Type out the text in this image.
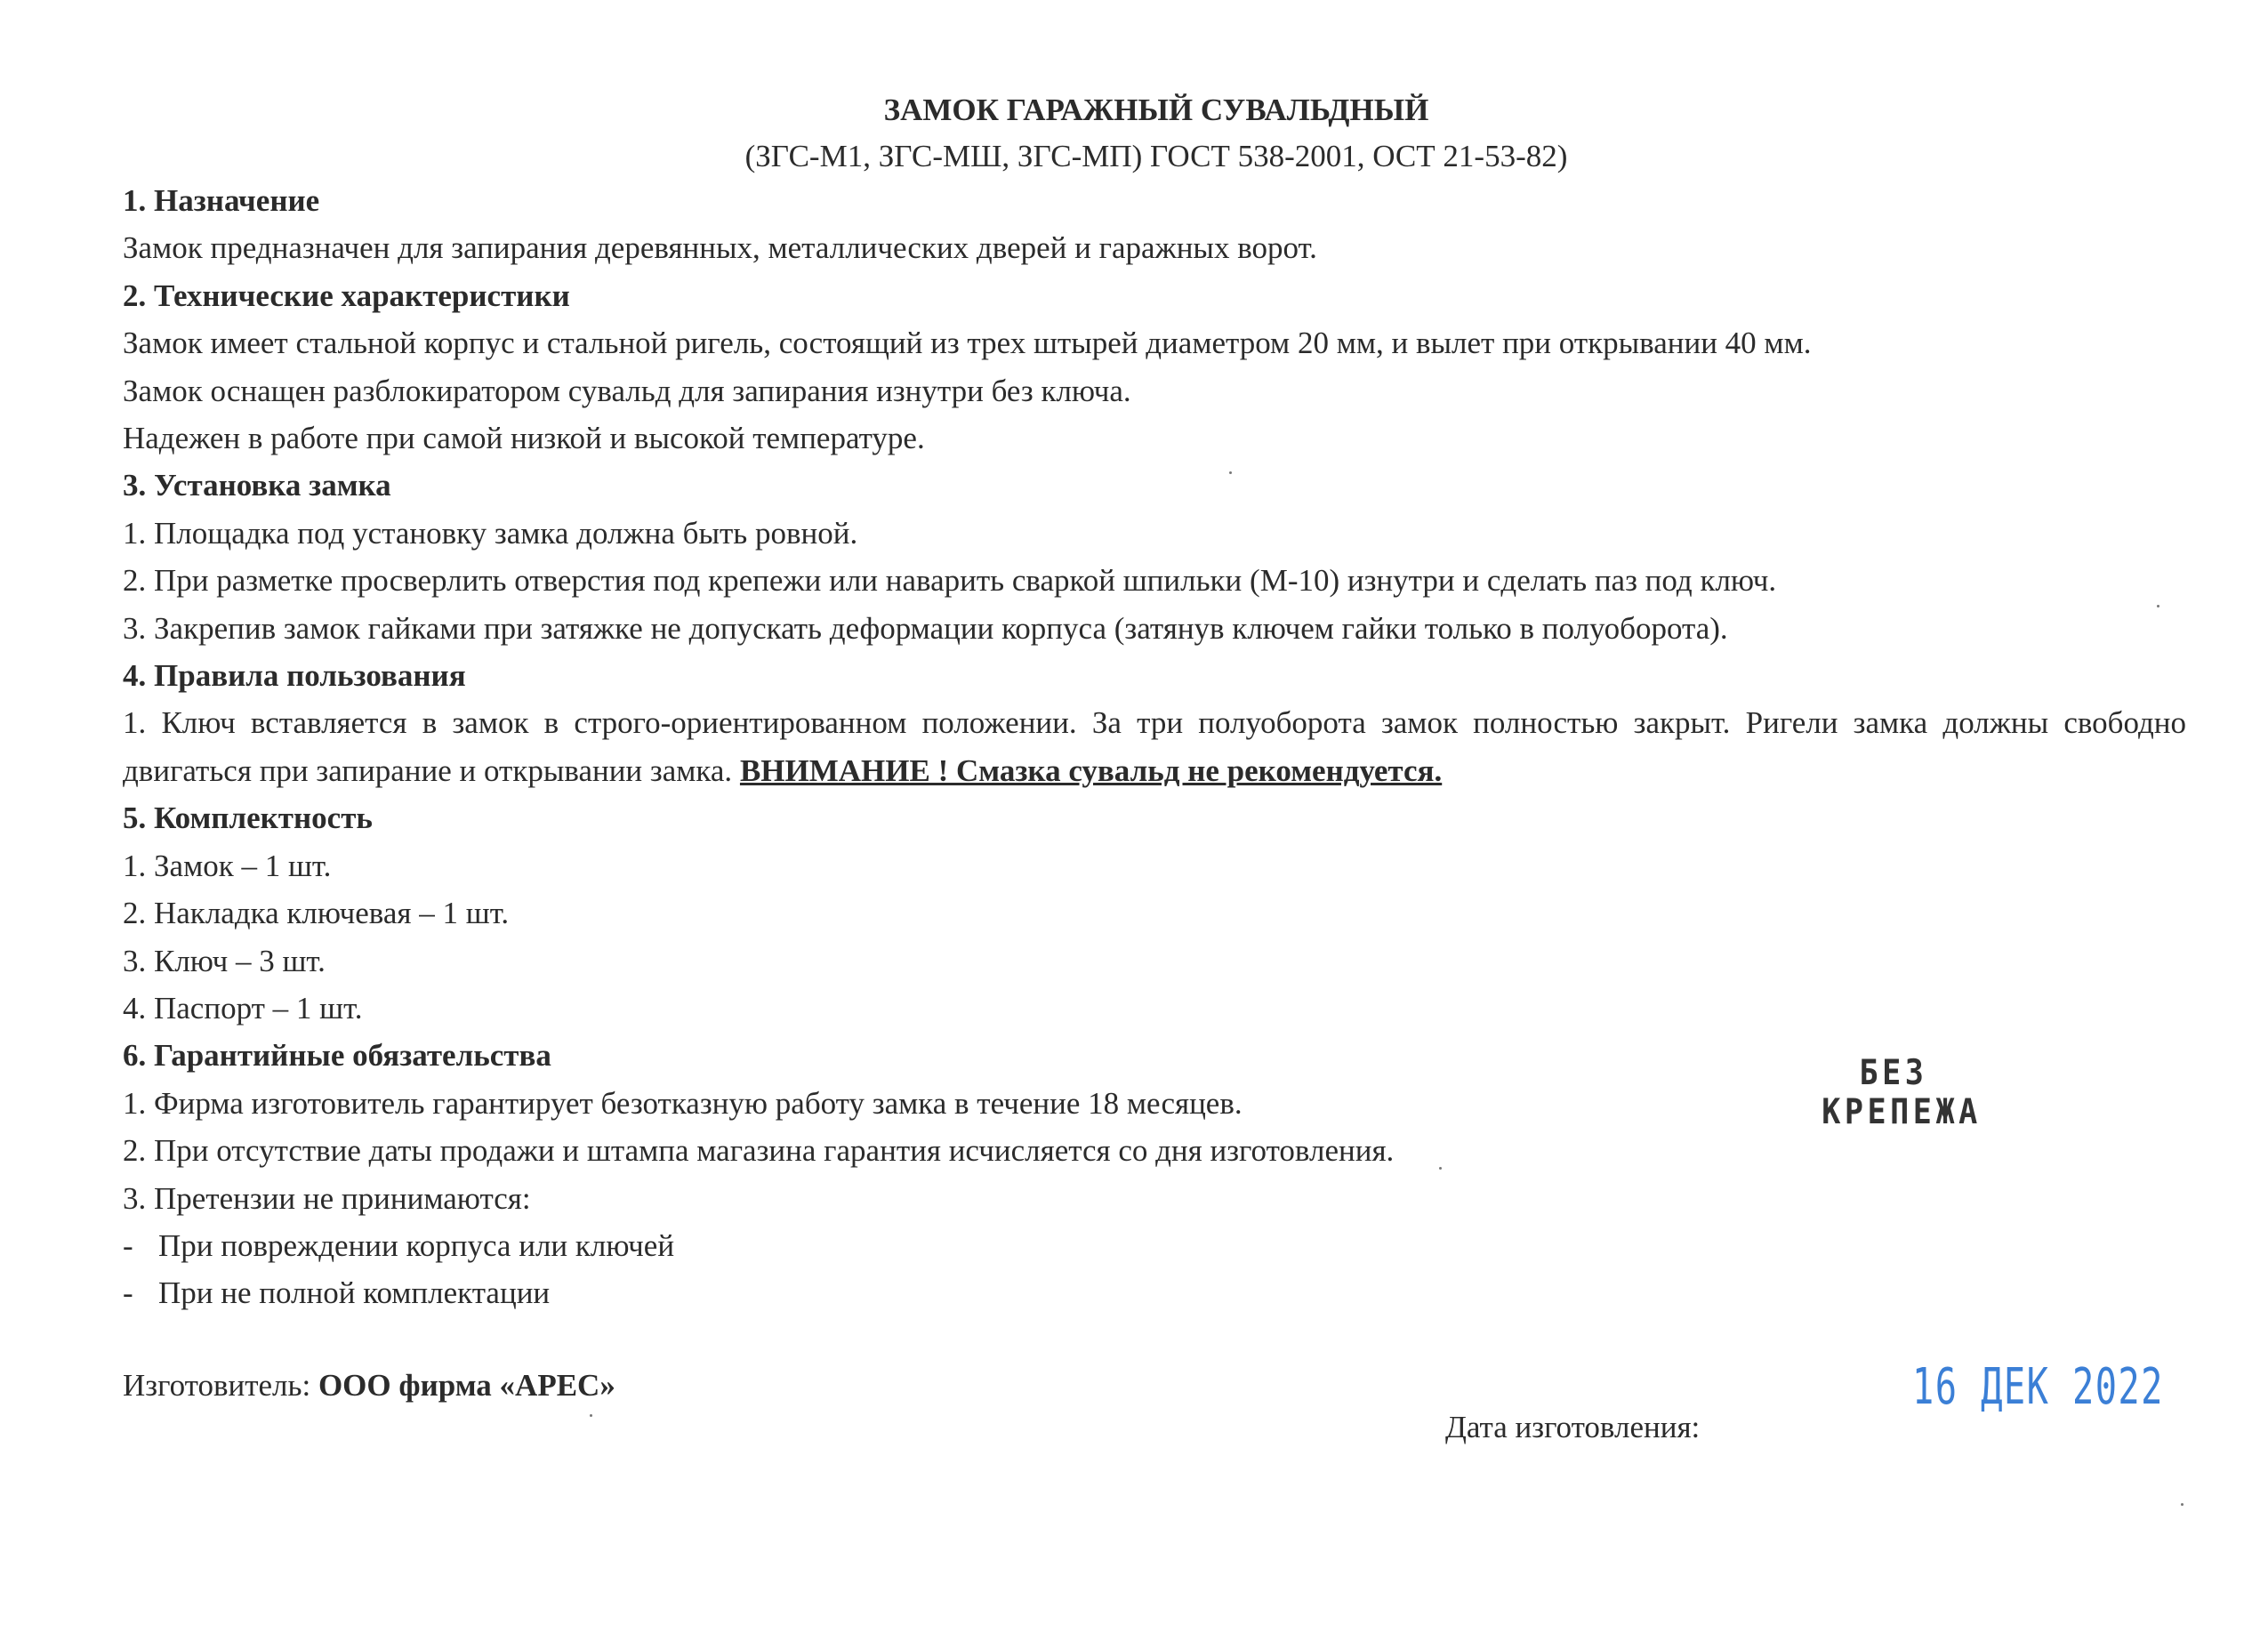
ЗАМОК ГАРАЖНЫЙ СУВАЛЬДНЫЙ

(ЗГС-М1, ЗГС-МШ, ЗГС-МП) ГОСТ 538-2001, ОСТ 21-53-82)

1. Назначение

Замок предназначен для запирания деревянных, металлических дверей и гаражных ворот.

2. Технические характеристики

Замок имеет стальной корпус и стальной ригель, состоящий из трех штырей диаметром 20 мм, и вылет при открывании 40 мм.

Замок оснащен разблокиратором сувальд для запирания изнутри без ключа.

Надежен в работе при самой низкой и высокой температуре.

3. Установка замка

1. Площадка под установку замка должна быть ровной.

2. При разметке просверлить отверстия под крепежи или наварить сваркой шпильки (М-10) изнутри и сделать паз под ключ.

3. Закрепив замок гайками при затяжке не допускать деформации корпуса (затянув ключем гайки только в полуоборота).

4. Правила пользования

1. Ключ вставляется в замок в строго-ориентированном положении. За три полуоборота замок полностью закрыт. Ригели замка должны свободно двигаться при запирание и открывании замка. ВНИМАНИЕ ! Смазка сувальд не рекомендуется.

5. Комплектность

1. Замок – 1 шт.

2. Накладка ключевая – 1 шт.

3. Ключ – 3 шт.

4. Паспорт – 1 шт.

6. Гарантийные обязательства

1. Фирма изготовитель гарантирует безотказную работу замка в течение 18 месяцев.

2. При отсутствие даты продажи и штампа магазина гарантия исчисляется со дня изготовления.

3. Претензии не принимаются:

- При повреждении корпуса или ключей

- При не полной комплектации

БЕЗ
КРЕПЕЖА
Изготовитель: ООО фирма «АРЕС»
Дата изготовления:
16 ДЕК 2022
